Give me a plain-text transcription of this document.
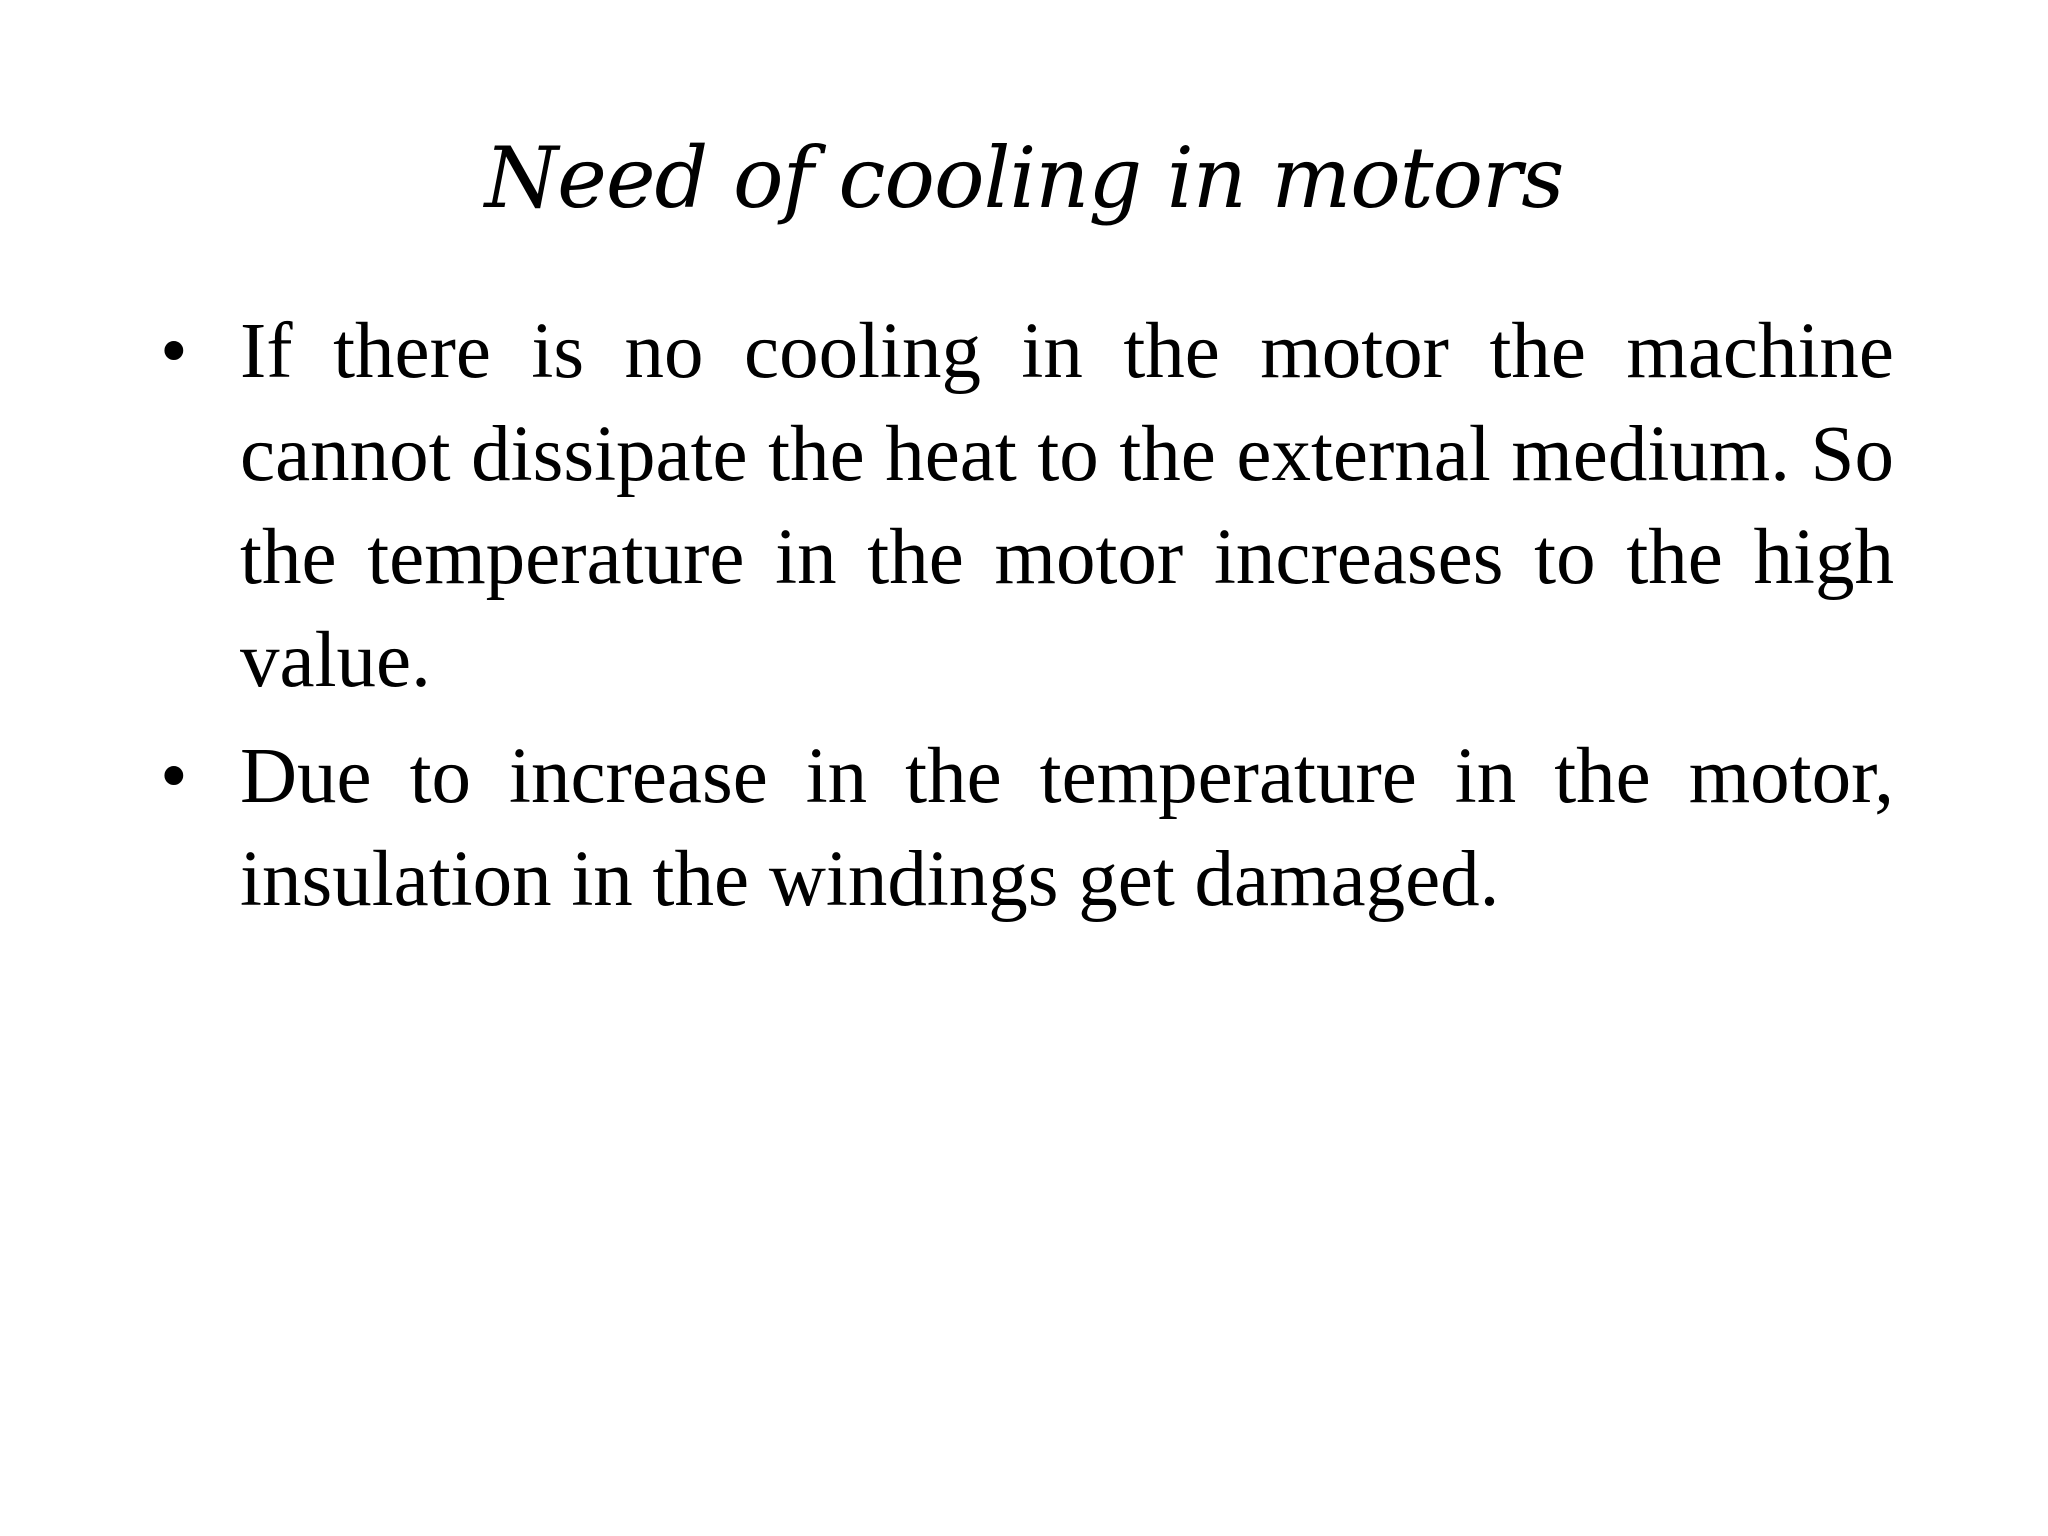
Need of cooling in motors
• If there is no cooling in the motor the machine cannot dissipate the heat to the external medium. So the temperature in the motor increases to the high value.
• Due to increase in the temperature in the motor, insulation in the windings get damaged.
